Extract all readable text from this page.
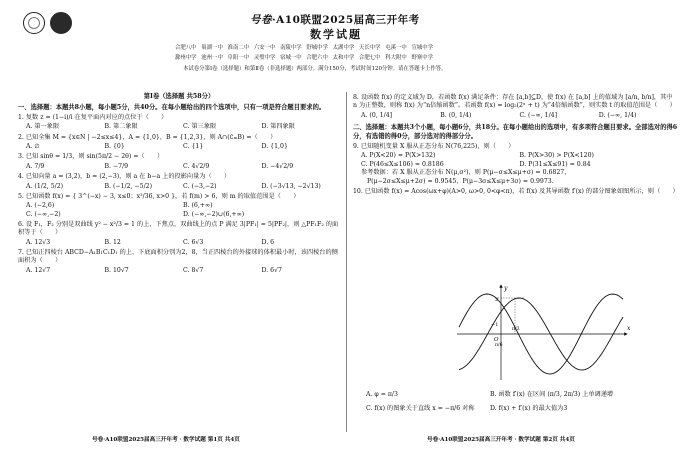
号卷·A10联盟2025届高三开年考
数学试题
合肥八中 巢湖一中 淮南二中 六安一中 南陵中学 舒城中学 太湖中学 天长中学 屯溪一中 宣城中学
滁州中学 池州一中 阜阳一中 灵璧中学 宿城一中 合肥六中 太和中学 合肥七中 科大附中 野寨中学
本试卷分第Ⅰ卷（选择题）和第Ⅱ卷（非选择题）两部分。满分150分，考试时间120分钟。请在答题卡上作答。
第Ⅰ卷（选择题 共58分）
一、选择题：本题共8小题，每小题5分，共40分。在每小题给出的四个选项中，只有一项是符合题目要求的。
1. 复数 z = (1−i)/i 在复平面内对应的点位于（　　）
A. 第一象限	B. 第二象限	C. 第三象限	D. 第四象限
2. 已知全集 M = {x∈N | −2≤x≤4}，A = {1,0}，B = {1,2,3}，则 A∩(∁ₘB) =（　　）
A. ∅	B. {0}	C. {1}	D. {1,0}
3. 已知 sinθ = 1/3，则 sin(5π/2 − 2θ) =（　　）
A. 7/9	B. −7/9	C. 4√2/9	D. −4√2/9
4. 已知向量 a = (3,2)，b = (2,−3)，则 a 在 b−a 上的投影向量为（　　）
A. (1/2, 5/2)	B. (−1/2, −5/2)	C. (−3,−2)	D. (−3√13, −2√13)
5. 已知函数 f(x) = { 3^(−x) − 3, x≤0；x³/36, x>0 }，若 f(m) > 6，则 m 的取值范围是（　　）
A. (−2,6)	B. (6,+∞)
C. (−∞,−2)	D. (−∞,−2)∪(6,+∞)
6. 设 F₁，F₂ 分别是双曲线 y² − x²/3 = 1 的上、下焦点，双曲线上的点 P 满足 3|PF₁| = 5|PF₂|，则 △PF₁F₂ 的面积等于（　　）
A. 12√3	B. 12	C. 6√3	D. 6
7. 已知正四棱台 ABCD−A₁B₁C₁D₁ 的上、下底面积分别为2，8，当正四棱台的外接球的体积最小时，该四棱台的侧面积为（　　）
A. 12√7	B. 10√7	C. 8√7	D. 6√7
8. 设函数 f(x) 的定义域为 D，若函数 f(x) 满足条件：存在 [a,b]⊆D，使 f(x) 在 [a,b] 上的值域为 [a/n, b/n]，其中 n 为正整数，则称 f(x) 为“n倍缩函数”。若函数 f(x) = log₂(2ˣ + t) 为“4倍缩函数”，则实数 t 的取值范围是（　　）
A. (0, 1/4]	B. (0, 1/4)	C. (−∞, 1/4]	D. (−∞, 1/4)
二、选择题：本题共3个小题，每小题6分，共18分。在每小题给出的选项中，有多项符合题目要求。全部选对的得6分，有选错的得0分，部分选对的得部分分。
9. 已知随机变量 X 服从正态分布 N(76,225)，则（　　）
A. P(X<20) = P(X>132)	B. P(X>30) > P(X<120)
C. P(46≤X≤106) = 0.8186	D. P(31≤X≤91) = 0.84
参考数据：若 X 服从正态分布 N(μ,σ²)，则 P(μ−σ≤X≤μ+σ) = 0.6827，
P(μ−2σ≤X≤μ+2σ) = 0.9545，P(μ−3σ≤X≤μ+3σ) = 0.9973.
10. 已知函数 f(x) = Acos(ωx+φ)(A>0, ω>0, 0<φ<π)，若 f(x) 及其导函数 f′(x) 的部分图象如图所示，则（　　）
x
y
O
2
−1
π/3
π/6
A. φ = π/3	B. 函数 f′(x) 在区间 (π/3, 2π/3) 上单调递增
C. f(x) 的图象关于直线 x = −π/6 对称	D. f(x) + f′(x) 的最大值为3
号卷·A10联盟2025届高三开年考 · 数学试题 第1页 共4页	号卷·A10联盟2025届高三开年考 · 数学试题 第2页 共4页
